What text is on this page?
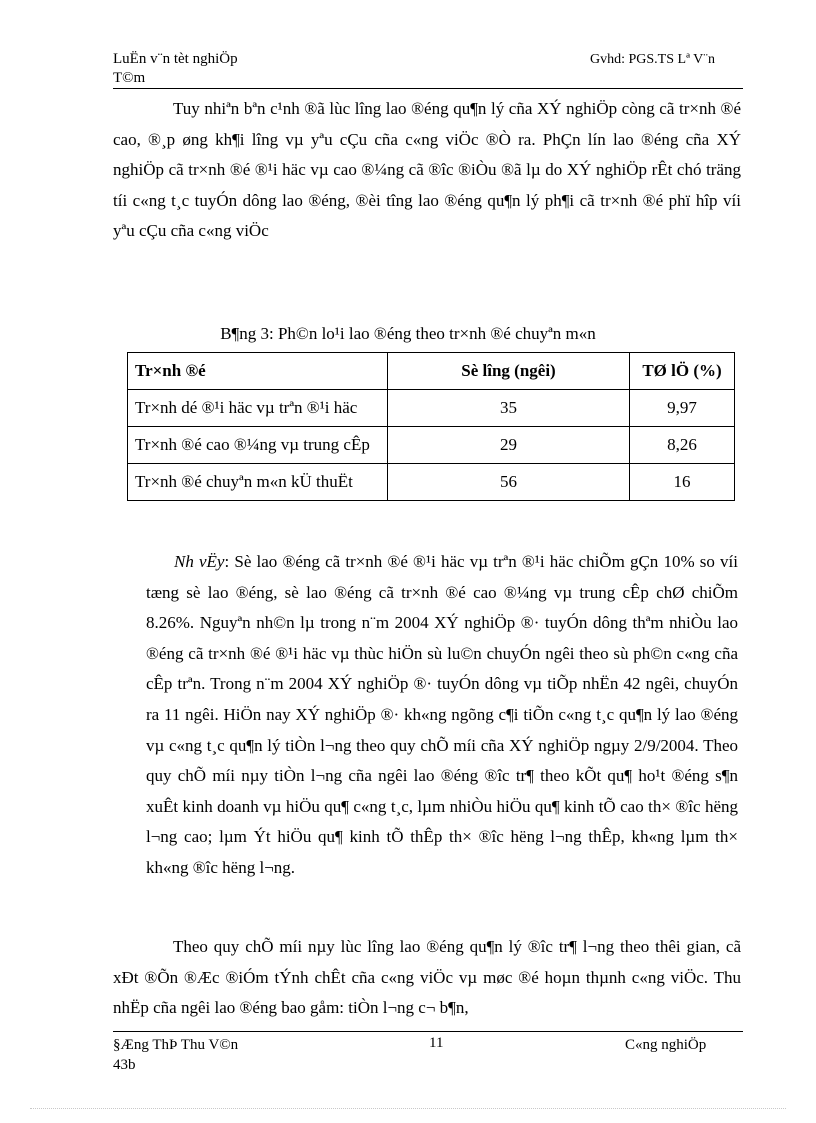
LuËn v¨n tèt nghiÖp
T©m
Gvhd: PGS.TS Lª V¨n

Tuy nhiªn bªn c¹nh ®ã lùc lîng lao ®éng qu¶n lý cña XÝ nghiÖp còng cã tr×nh ®é cao, ®¸p øng kh¶i lîng vµ yªu cÇu cña c«ng viÖc ®Ò ra. PhÇn lín lao ®éng cña XÝ nghiÖp cã tr×nh ®é ®¹i häc vµ cao ®¼ng cã ®îc ®iÒu ®ã lµ do XÝ nghiÖp rÊt chó träng tíi c«ng t¸c tuyÓn dông lao ®éng, ®èi tîng lao ®éng qu¶n lý ph¶i cã tr×nh ®é phï hîp víi yªu cÇu cña c«ng viÖc

B¶ng 3: Ph©n lo¹i lao ®éng theo tr×nh ®é chuyªn m«n
Tr×nh ®é	Sè lîng (ngêi)	TØ lÖ (%)
Tr×nh dé ®¹i häc vµ trªn ®¹i häc	35	9,97
Tr×nh ®é cao ®¼ng vµ trung cÊp	29	8,26
Tr×nh ®é chuyªn m«n kÜ thuËt	56	16

Nh vËy: Sè lao ®éng cã tr×nh ®é ®¹i häc vµ trªn ®¹i häc chiÕm gÇn 10% so víi tæng sè lao ®éng, sè lao ®éng cã tr×nh ®é cao ®¼ng vµ trung cÊp chØ chiÕm 8.26%. Nguyªn nh©n lµ trong n¨m 2004 XÝ nghiÖp ®· tuyÓn dông thªm nhiÒu lao ®éng cã tr×nh ®é ®¹i häc vµ thùc hiÖn sù lu©n chuyÓn ngêi theo sù ph©n c«ng cña cÊp trªn. Trong n¨m 2004 XÝ nghiÖp ®· tuyÓn dông vµ tiÕp nhËn 42 ngêi, chuyÓn ra 11 ngêi. HiÖn nay XÝ nghiÖp ®· kh«ng ngõng c¶i tiÕn c«ng t¸c qu¶n lý lao ®éng vµ c«ng t¸c qu¶n lý tiÒn l¬ng theo quy chÕ míi cña XÝ nghiÖp ngµy 2/9/2004. Theo quy chÕ míi nµy tiÒn l¬ng cña ngêi lao ®éng ®îc tr¶ theo kÕt qu¶ ho¹t ®éng s¶n xuÊt kinh doanh vµ hiÖu qu¶ c«ng t¸c, lµm nhiÒu hiÖu qu¶ kinh tÕ cao th× ®îc hëng l¬ng cao; lµm Ýt hiÖu qu¶ kinh tÕ thÊp th× ®îc hëng l¬ng thÊp, kh«ng lµm th× kh«ng ®îc hëng l¬ng.

Theo quy chÕ míi nµy lùc lîng lao ®éng qu¶n lý ®îc tr¶ l¬ng theo thêi gian, cã xÐt ®Õn ®Æc ®iÓm tÝnh chÊt cña c«ng viÖc vµ møc ®é hoµn thµnh c«ng viÖc. Thu nhËp cña ngêi lao ®éng bao gåm: tiÒn l¬ng c¬ b¶n,

§Æng ThÞ Thu V©n
43b
11	C«ng nghiÖp
